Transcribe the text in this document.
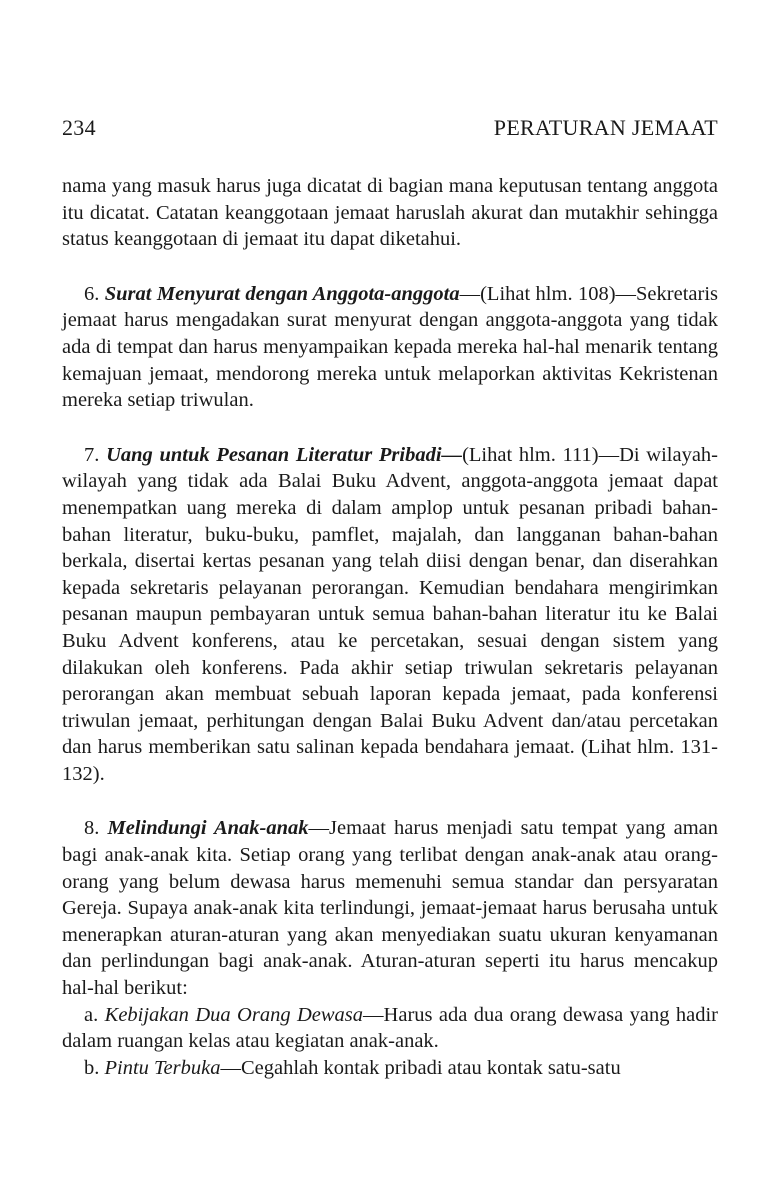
234	PERATURAN JEMAAT

nama yang masuk harus juga dicatat di bagian mana keputusan tentang anggota itu dicatat. Catatan keanggotaan jemaat haruslah akurat dan mutakhir sehingga status keanggotaan di jemaat itu dapat diketahui.

6. Surat Menyurat dengan Anggota-anggota—(Lihat hlm. 108)—Sekretaris jemaat harus mengadakan surat menyurat dengan anggota-anggota yang tidak ada di tempat dan harus menyampaikan kepada mereka hal-hal menarik tentang kemajuan jemaat, mendorong mereka untuk melaporkan aktivitas Kekristenan mereka setiap triwulan.

7. Uang untuk Pesanan Literatur Pribadi—(Lihat hlm. 111)—Di wilayah-wilayah yang tidak ada Balai Buku Advent, anggota-anggota jemaat dapat menempatkan uang mereka di dalam amplop untuk pesanan pribadi bahan-bahan literatur, buku-buku, pamflet, majalah, dan langganan bahan-bahan berkala, disertai kertas pesanan yang telah diisi dengan benar, dan diserahkan kepada sekretaris pelayanan perorangan. Kemudian bendahara mengirimkan pesanan maupun pembayaran untuk semua bahan-bahan literatur itu ke Balai Buku Advent konferens, atau ke percetakan, sesuai dengan sistem yang dilakukan oleh konferens. Pada akhir setiap triwulan sekretaris pelayanan perorangan akan membuat sebuah laporan kepada jemaat, pada konferensi triwulan jemaat, perhitungan dengan Balai Buku Advent dan/atau percetakan dan harus memberikan satu salinan kepada bendahara jemaat. (Lihat hlm. 131-132).

8. Melindungi Anak-anak—Jemaat harus menjadi satu tempat yang aman bagi anak-anak kita. Setiap orang yang terlibat dengan anak-anak atau orang-orang yang belum dewasa harus memenuhi semua standar dan persyaratan Gereja. Supaya anak-anak kita terlindungi, jemaat-jemaat harus berusaha untuk menerapkan aturan-aturan yang akan menyediakan suatu ukuran kenyamanan dan perlindungan bagi anak-anak. Aturan-aturan seperti itu harus mencakup hal-hal berikut:

a. Kebijakan Dua Orang Dewasa—Harus ada dua orang dewasa yang hadir dalam ruangan kelas atau kegiatan anak-anak.

b. Pintu Terbuka—Cegahlah kontak pribadi atau kontak satu-satu
